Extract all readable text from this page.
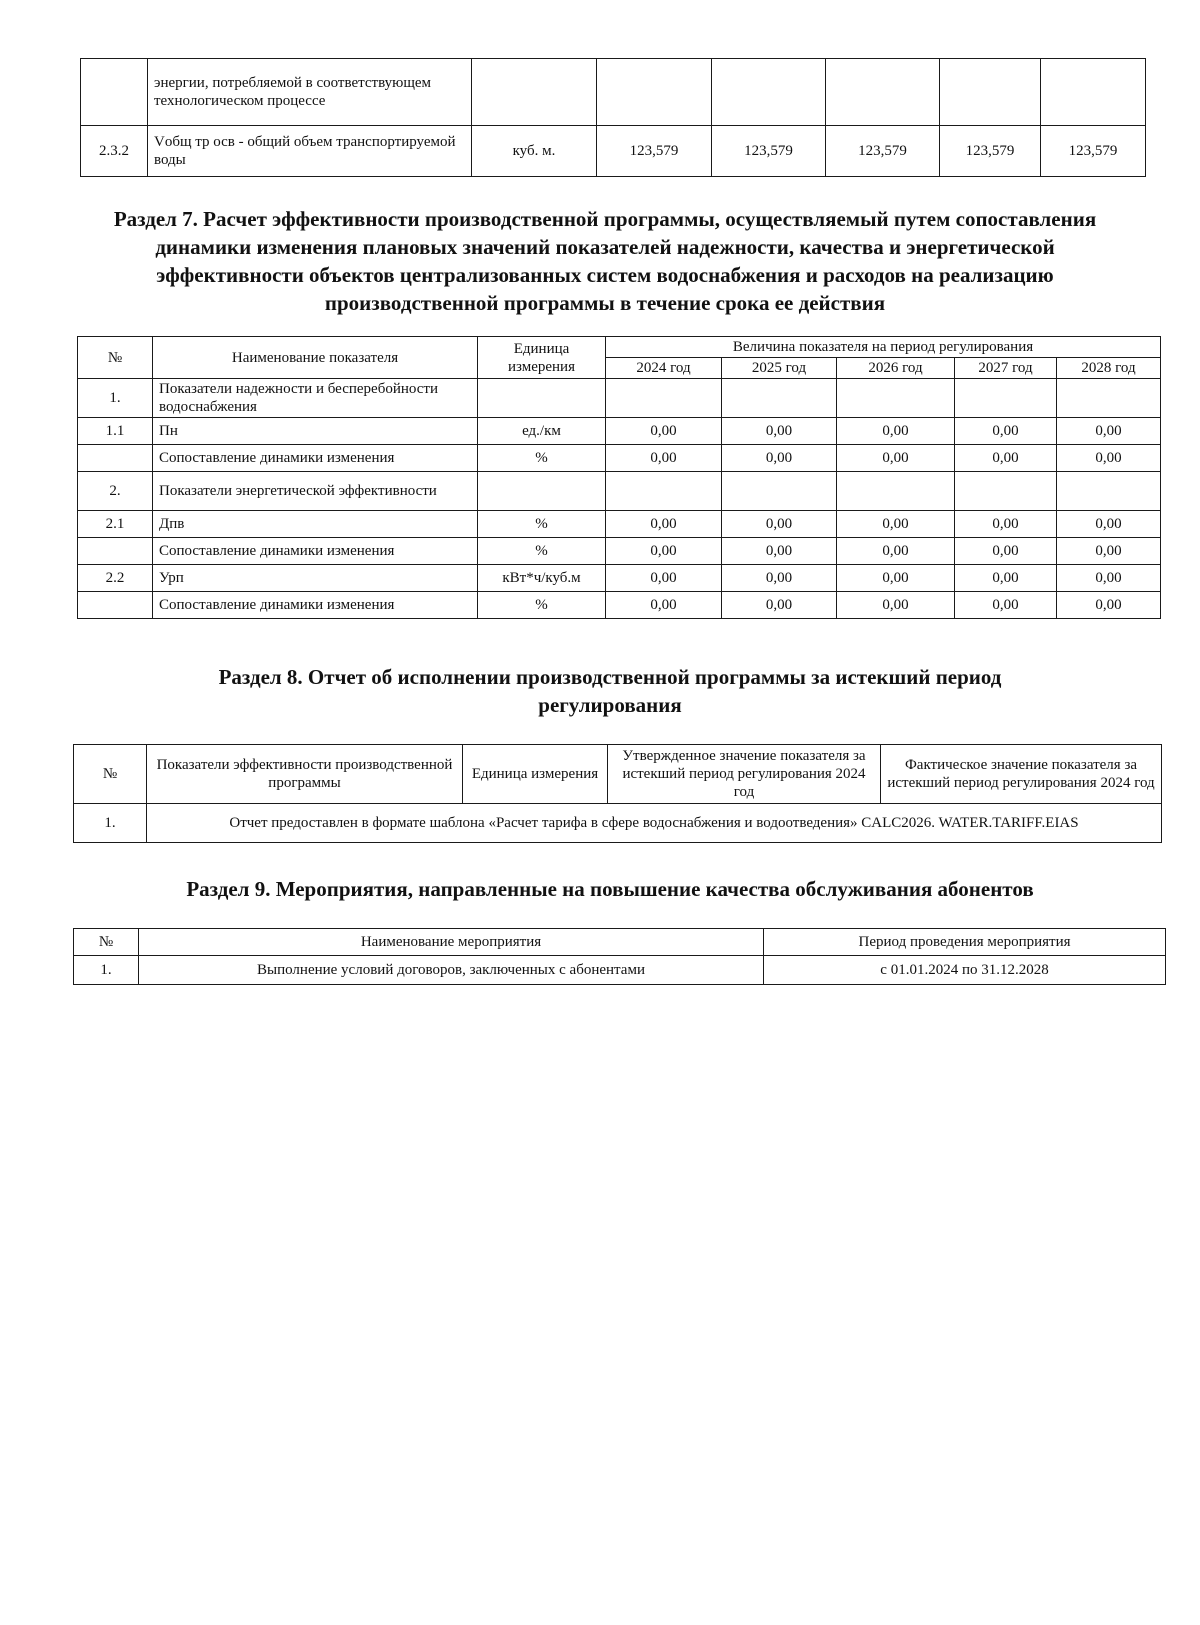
	энергии, потребляемой в соответствующем технологическом процессе						
2.3.2	Vобщ тр осв - общий объем транспортируемой воды	куб. м.	123,579	123,579	123,579	123,579	123,579
Раздел 7. Расчет эффективности производственной программы, осуществляемый путем сопоставления динамики изменения плановых значений показателей надежности, качества и энергетической эффективности объектов централизованных систем водоснабжения и расходов на реализацию производственной программы в течение срока ее действия
№	Наименование показателя	Единица измерения	Величина показателя на период регулирования				
			2024 год	2025 год	2026 год	2027 год	2028 год
1.	Показатели надежности и бесперебойности водоснабжения						
1.1	Пн	ед./км	0,00	0,00	0,00	0,00	0,00
	Сопоставление динамики изменения	%	0,00	0,00	0,00	0,00	0,00
2.	Показатели энергетической эффективности						
2.1	Дпв	%	0,00	0,00	0,00	0,00	0,00
	Сопоставление динамики изменения	%	0,00	0,00	0,00	0,00	0,00
2.2	Урп	кВт*ч/куб.м	0,00	0,00	0,00	0,00	0,00
	Сопоставление динамики изменения	%	0,00	0,00	0,00	0,00	0,00
Раздел 8. Отчет об исполнении производственной программы за истекший период регулирования
№	Показатели эффективности производственной программы	Единица измерения	Утвержденное значение показателя за истекший период регулирования 2024 год	Фактическое значение показателя за истекший период регулирования 2024 год
1.	Отчет предоставлен в формате шаблона «Расчет тарифа в сфере водоснабжения и водоотведения» CALC2026. WATER.TARIFF.EIAS			
Раздел 9. Мероприятия, направленные на повышение качества обслуживания абонентов
№	Наименование мероприятия	Период проведения мероприятия
1.	Выполнение условий договоров, заключенных с абонентами	с 01.01.2024 по 31.12.2028
